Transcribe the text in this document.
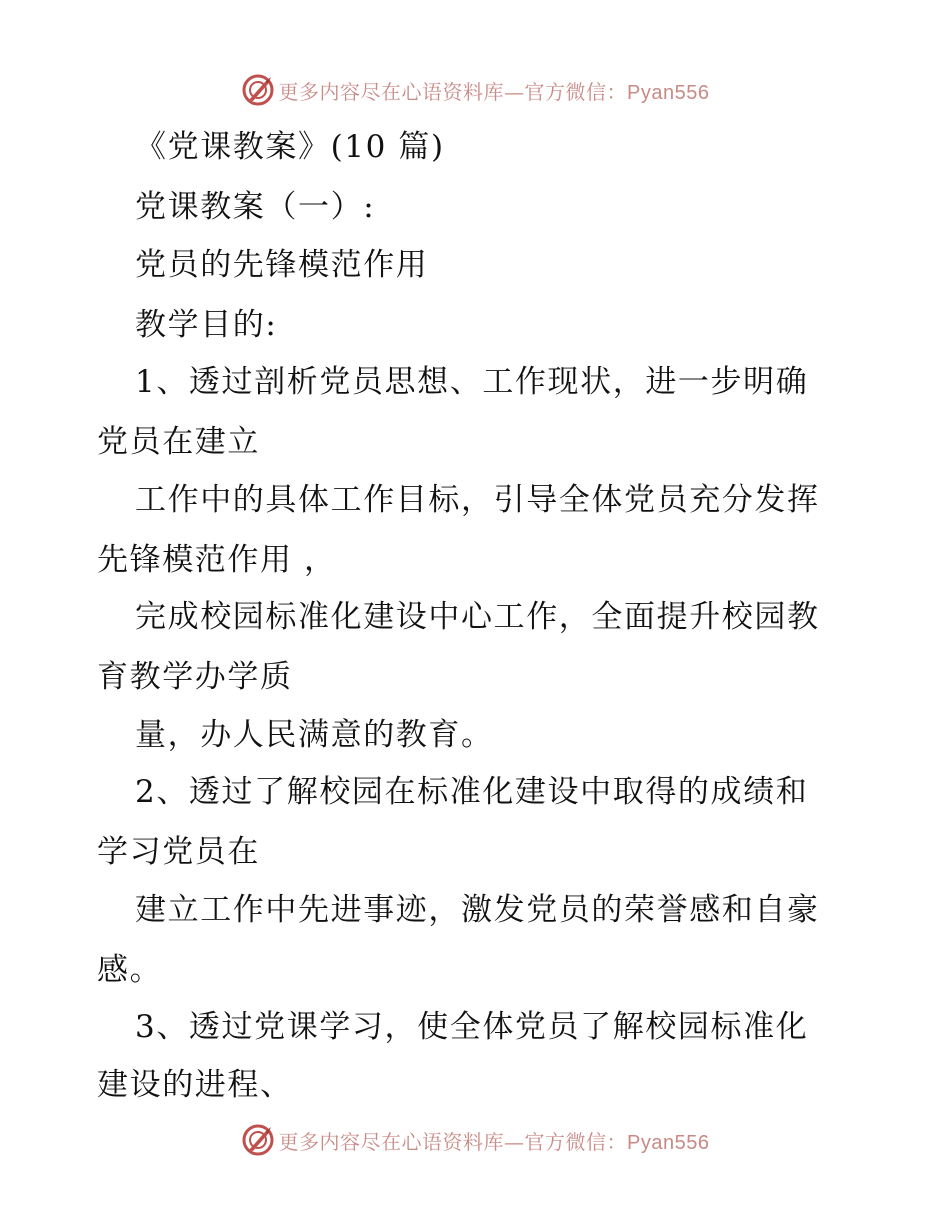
更多内容尽在心语资料库—官方微信：Pyan556
《党课教案》(10 篇)
党课教案（一）:
党员的先锋模范作用
教学目的:
1、透过剖析党员思想、工作现状，进一步明确
党员在建立
工作中的具体工作目标，引导全体党员充分发挥
先锋模范作用 ，
完成校园标准化建设中心工作，全面提升校园教
育教学办学质
量，办人民满意的教育。
2、透过了解校园在标准化建设中取得的成绩和
学习党员在
建立工作中先进事迹，激发党员的荣誉感和自豪
感。
3、透过党课学习，使全体党员了解校园标准化
建设的进程、
更多内容尽在心语资料库—官方微信：Pyan556
